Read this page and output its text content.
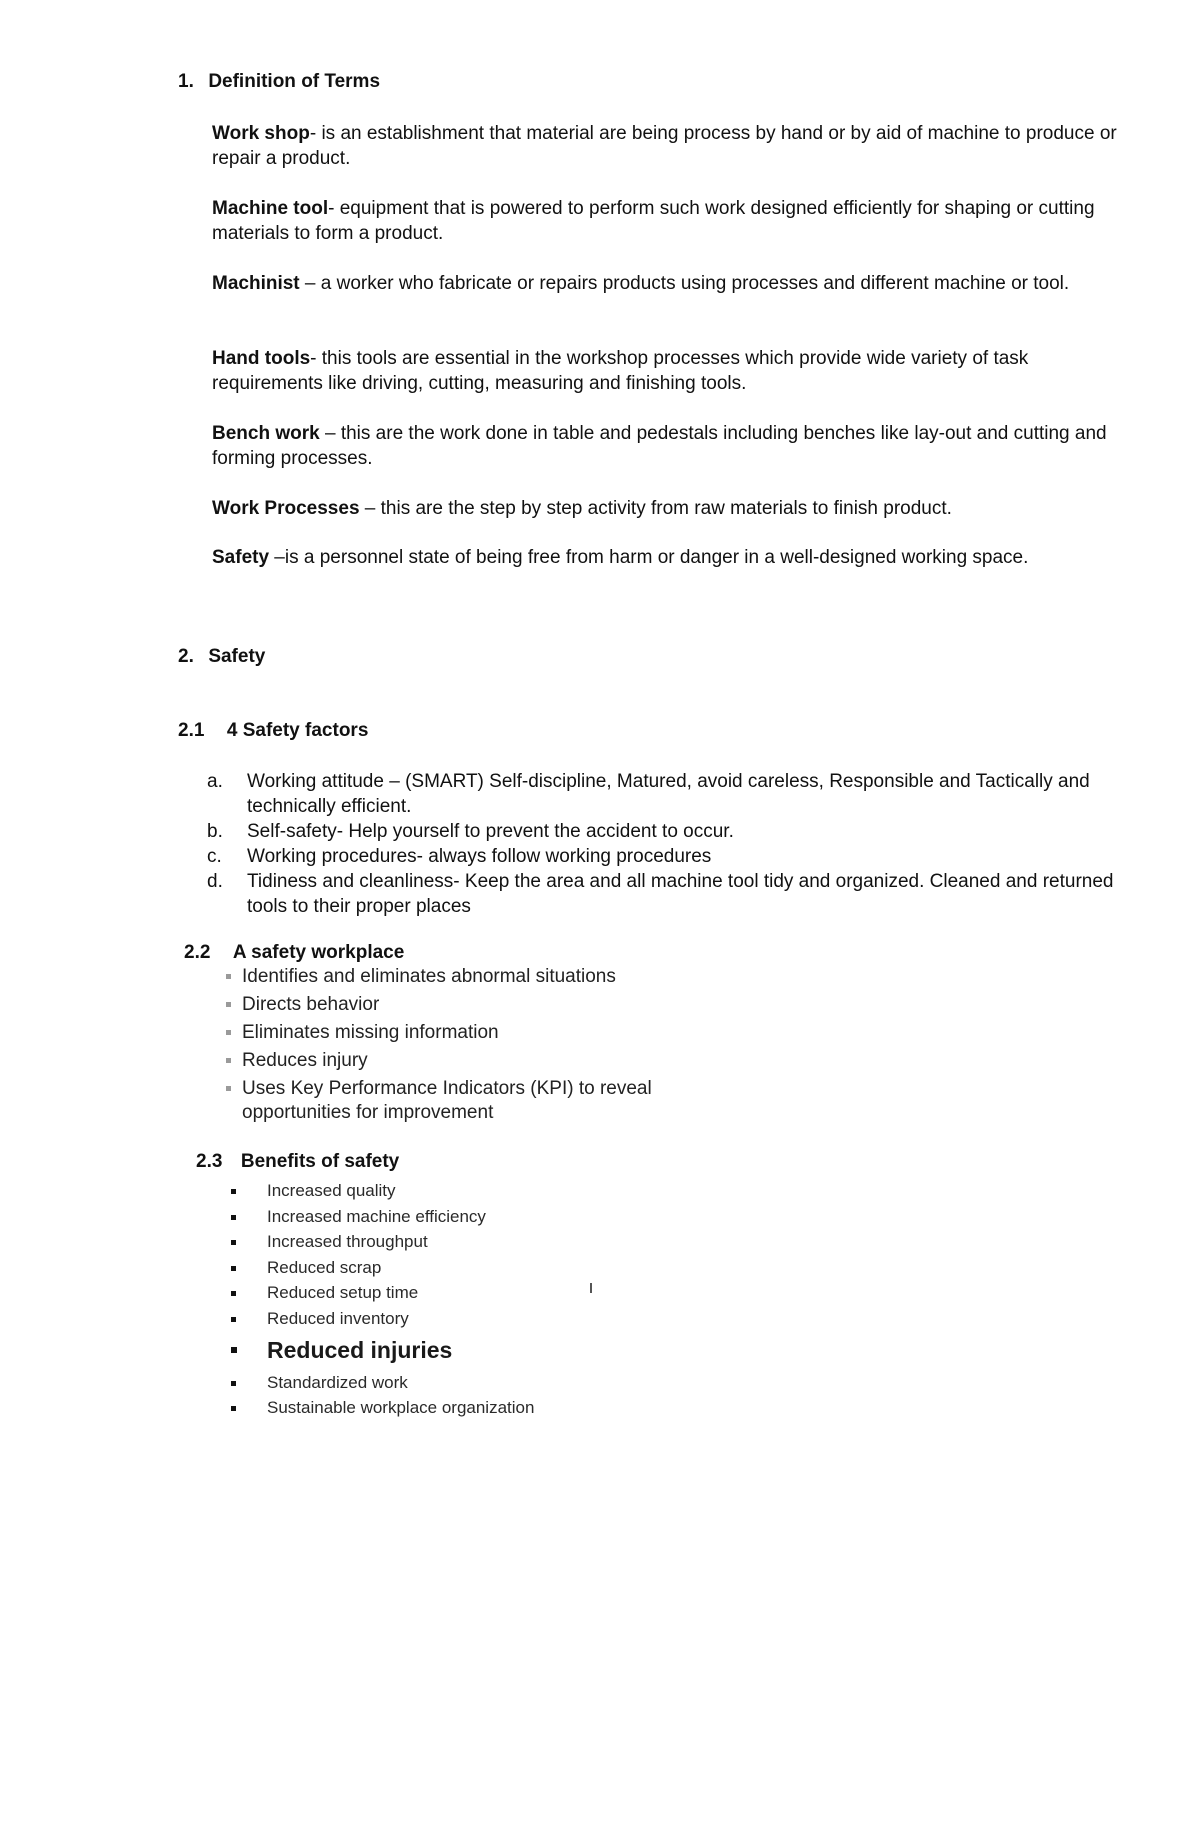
1. Definition of Terms
Work shop- is an establishment that material are being process by hand or by aid of machine to produce or repair a product.
Machine tool- equipment that is powered to perform such work designed efficiently for shaping or cutting materials to form a product.
Machinist – a worker who fabricate or repairs products using processes and different machine or tool.
Hand tools- this tools are essential in the workshop processes which provide wide variety of task requirements like driving, cutting, measuring and finishing tools.
Bench work – this are the work done in table and pedestals including benches like lay-out and cutting and forming processes.
Work Processes – this are the step by step activity from raw materials to finish product.
Safety –is a personnel state of being free from harm or danger in a well-designed working space.
2. Safety
2.1 4 Safety factors
a. Working attitude – (SMART) Self-discipline, Matured, avoid careless, Responsible and Tactically and technically efficient.
b. Self-safety- Help yourself to prevent the accident to occur.
c. Working procedures- always follow working procedures
d. Tidiness and cleanliness- Keep the area and all machine tool tidy and organized. Cleaned and returned tools to their proper places
2.2 A safety workplace
Identifies and eliminates abnormal situations
Directs behavior
Eliminates missing information
Reduces injury
Uses Key Performance Indicators (KPI) to reveal opportunities for improvement
2.3 Benefits of safety
Increased quality
Increased machine efficiency
Increased throughput
Reduced scrap
Reduced setup time
Reduced inventory
Reduced injuries
Standardized work
Sustainable workplace organization
